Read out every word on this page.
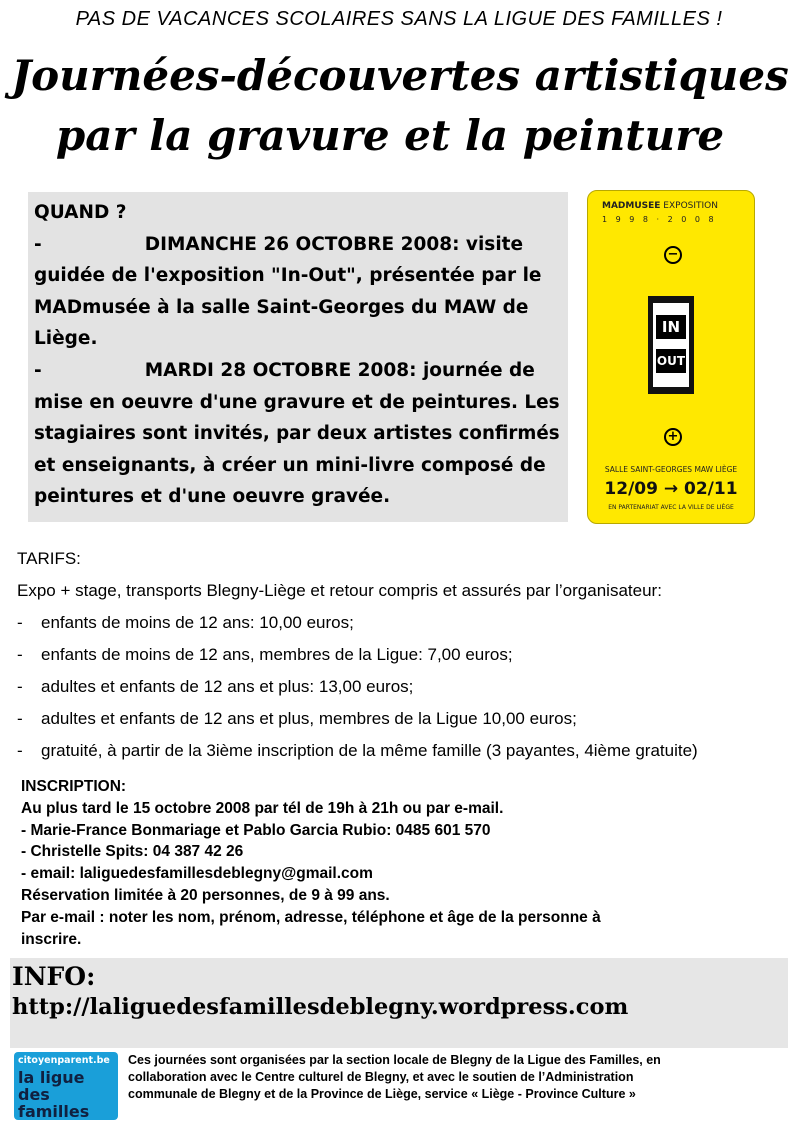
PAS DE VACANCES SCOLAIRES SANS LA LIGUE DES FAMILLES !
Journées-découvertes artistiques
par la gravure et la peinture
QUAND ?
-                DIMANCHE 26 OCTOBRE 2008: visite
guidée de l'exposition "In-Out", présentée par le
MADmusée à la salle Saint-Georges du MAW de
Liège.
-                MARDI 28 OCTOBRE 2008: journée de
mise en oeuvre d'une gravure et de peintures. Les
stagiaires sont invités, par deux artistes confirmés
et enseignants, à créer un mini-livre composé de
peintures et d'une oeuvre gravée.
MADMUSEE EXPOSITION
1 9 9 8 · 2 0 0 8
−
IN
OUT
+
SALLE SAINT-GEORGES MAW LIÈGE
12/09 → 02/11
EN PARTENARIAT AVEC LA VILLE DE LIÈGE
TARIFS:
Expo + stage, transports Blegny-Liège et retour compris et assurés par l’organisateur:
- enfants de moins de 12 ans: 10,00 euros;
- enfants de moins de 12 ans, membres de la Ligue: 7,00 euros;
- adultes et enfants de 12 ans et plus: 13,00 euros;
- adultes et enfants de 12 ans et plus, membres de la Ligue 10,00 euros;
- gratuité, à partir de la 3ième inscription de la même famille (3 payantes, 4ième gratuite)
INSCRIPTION:
Au plus tard le 15 octobre 2008 par tél de 19h à 21h ou par e-mail.
- Marie-France Bonmariage et Pablo Garcia Rubio: 0485 601 570
- Christelle Spits: 04 387 42 26
- email: laliguedesfamillesdeblegny@gmail.com
Réservation limitée à 20 personnes, de 9 à 99 ans.
Par e-mail : noter les nom, prénom, adresse, téléphone et âge de la personne à
inscrire.
INFO:
http://laliguedesfamillesdeblegny.wordpress.com
citoyenparent.be
la ligue
des familles
Ces journées sont organisées par la section locale de Blegny de la Ligue des Familles, en
collaboration avec le Centre culturel de Blegny, et avec le soutien de l’Administration
communale de Blegny et de la Province de Liège, service « Liège - Province Culture »
